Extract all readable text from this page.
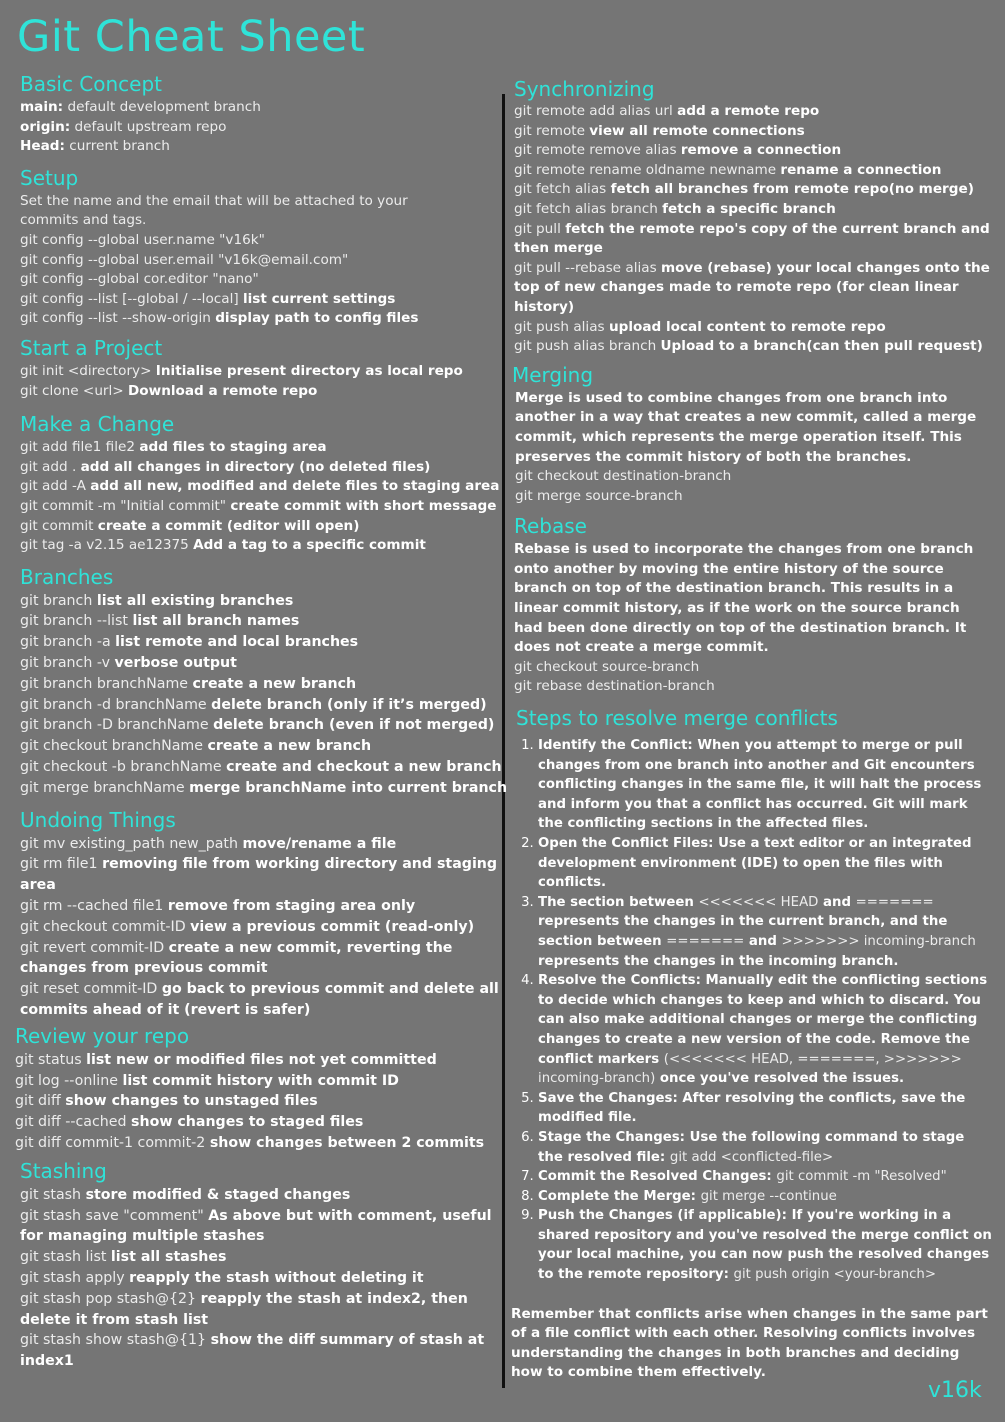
Git Cheat Sheet
Basic Concept
main: default development branch
origin: default upstream repo
Head: current branch
Setup
Set the name and the email that will be attached to your commits and tags.
git config --global user.name "v16k"
git config --global user.email "v16k@email.com"
git config --global cor.editor "nano"
git config --list [--global / --local] list current settings
git config --list --show-origin display path to config files
Start a Project
git init <directory> Initialise present directory as local repo
git clone <url> Download a remote repo
Make a Change
git add file1 file2 add files to staging area
git add . add all changes in directory (no deleted files)
git add -A add all new, modified and delete files to staging area
git commit -m "Initial commit" create commit with short message
git commit create a commit (editor will open)
git tag -a v2.15 ae12375 Add a tag to a specific commit
Branches
git branch list all existing branches
git branch --list list all branch names
git branch -a list remote and local branches
git branch -v verbose output
git branch branchName create a new branch
git branch -d branchName delete branch (only if it’s merged)
git branch -D branchName delete branch (even if not merged)
git checkout branchName create a new branch
git checkout -b branchName create and checkout a new branch
git merge branchName merge branchName into current branch
Undoing Things
git mv existing_path new_path move/rename a file
git rm file1 removing file from working directory and staging area
git rm --cached file1 remove from staging area only
git checkout commit-ID view a previous commit (read-only)
git revert commit-ID create a new commit, reverting the changes from previous commit
git reset commit-ID go back to previous commit and delete all commits ahead of it (revert is safer)
Review your repo
git status list new or modified files not yet committed
git log --online list commit history with commit ID
git diff show changes to unstaged files
git diff --cached show changes to staged files
git diff commit-1 commit-2 show changes between 2 commits
Stashing
git stash store modified & staged changes
git stash save "comment" As above but with comment, useful for managing multiple stashes
git stash list list all stashes
git stash apply reapply the stash without deleting it
git stash pop stash@{2} reapply the stash at index2, then delete it from stash list
git stash show stash@{1} show the diff summary of stash at index1
Synchronizing
git remote add alias url add a remote repo
git remote view all remote connections
git remote remove alias remove a connection
git remote rename oldname newname rename a connection
git fetch alias fetch all branches from remote repo(no merge)
git fetch alias branch fetch a specific branch
git pull fetch the remote repo's copy of the current branch and then merge
git pull --rebase alias move (rebase) your local changes onto the top of new changes made to remote repo (for clean linear history)
git push alias upload local content to remote repo
git push alias branch Upload to a branch(can then pull request)
Merging
Merge is used to combine changes from one branch into another in a way that creates a new commit, called a merge commit, which represents the merge operation itself. This preserves the commit history of both the branches.
git checkout destination-branch
git merge source-branch
Rebase
Rebase is used to incorporate the changes from one branch onto another by moving the entire history of the source branch on top of the destination branch. This results in a linear commit history, as if the work on the source branch had been done directly on top of the destination branch. It does not create a merge commit.
git checkout source-branch
git rebase destination-branch
Steps to resolve merge conflicts
1. Identify the Conflict: When you attempt to merge or pull changes from one branch into another and Git encounters conflicting changes in the same file, it will halt the process and inform you that a conflict has occurred. Git will mark the conflicting sections in the affected files.
2. Open the Conflict Files: Use a text editor or an integrated development environment (IDE) to open the files with conflicts.
3. The section between <<<<<<< HEAD and ======= represents the changes in the current branch, and the section between ======= and >>>>>>> incoming-branch represents the changes in the incoming branch.
4. Resolve the Conflicts: Manually edit the conflicting sections to decide which changes to keep and which to discard. You can also make additional changes or merge the conflicting changes to create a new version of the code. Remove the conflict markers (<<<<<<< HEAD, =======, >>>>>>> incoming-branch) once you've resolved the issues.
5. Save the Changes: After resolving the conflicts, save the modified file.
6. Stage the Changes: Use the following command to stage the resolved file: git add <conflicted-file>
7. Commit the Resolved Changes: git commit -m "Resolved"
8. Complete the Merge: git merge --continue
9. Push the Changes (if applicable): If you're working in a shared repository and you've resolved the merge conflict on your local machine, you can now push the resolved changes to the remote repository: git push origin <your-branch>
Remember that conflicts arise when changes in the same part of a file conflict with each other. Resolving conflicts involves understanding the changes in both branches and deciding how to combine them effectively.
v16k
